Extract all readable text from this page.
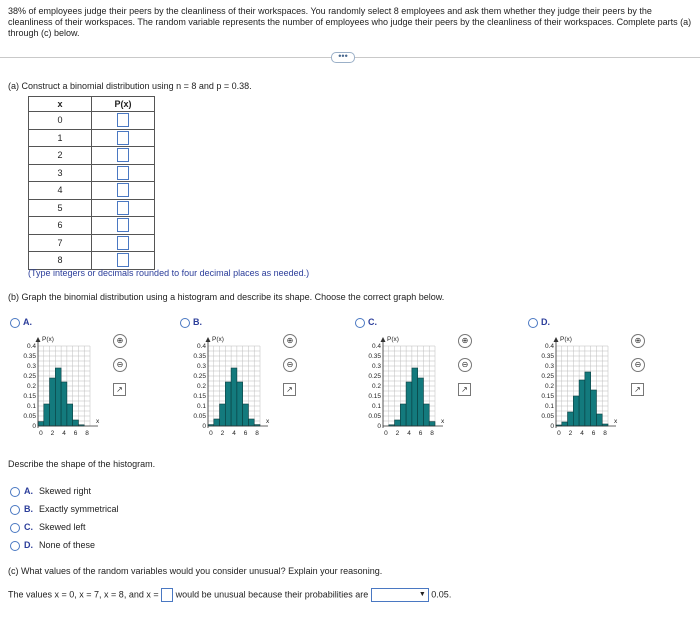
38% of employees judge their peers by the cleanliness of their workspaces. You randomly select 8 employees and ask them whether they judge their peers by the cleanliness of their workspaces. The random variable represents the number of employees who judge their peers by the cleanliness of their workspaces. Complete parts (a) through (c) below.
•••
(a) Construct a binomial distribution using n = 8 and p = 0.38.
x	P(x)
0	
1	
2	
3	
4	
5	
6	
7	
8	
(Type integers or decimals rounded to four decimal places as needed.)
(b) Graph the binomial distribution using a histogram and describe its shape. Choose the correct graph below.
A.
P(x)
0.4
0.35
0.3
0.25
0.2
0.15
0.1
0.05
0
0 2 4 6 8
x
⊕
⊖
↗
B.
P(x)
0.4
0.35
0.3
0.25
0.2
0.15
0.1
0.05
0
0 2 4 6 8
x
⊕
⊖
↗
C.
P(x)
0.4
0.35
0.3
0.25
0.2
0.15
0.1
0.05
0
0 2 4 6 8
x
⊕
⊖
↗
D.
P(x)
0.4
0.35
0.3
0.25
0.2
0.15
0.1
0.05
0
0 2 4 6 8
x
⊕
⊖
↗
Describe the shape of the histogram.
A. Skewed right
B. Exactly symmetrical
C. Skewed left
D. None of these
(c) What values of the random variables would you consider unusual? Explain your reasoning.
The values x = 0, x = 7, x = 8, and x = would be unusual because their probabilities are	▼ 0.05.
